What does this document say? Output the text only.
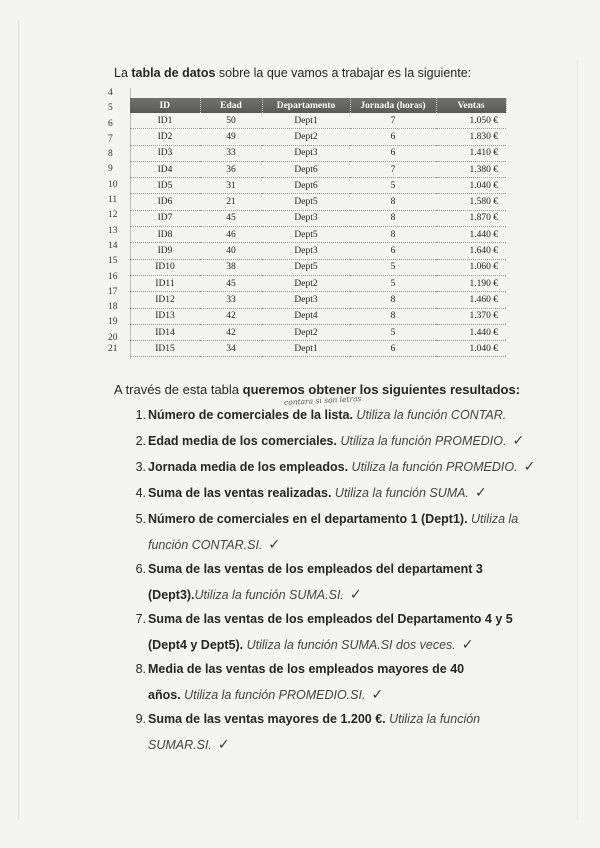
La tabla de datos sobre la que vamos a trabajar es la siguiente:
4
5
6
7
8
9
10
11
12
13
14
15
16
17
18
19
20
ID	Edad	Departamento	Jornada (horas)	Ventas
ID1	50	Dept1	7	1.050 €
ID2	49	Dept2	6	1.830 €
ID3	33	Dept3	6	1.410 €
ID4	36	Dept6	7	1.380 €
ID5	31	Dept6	5	1.040 €
ID6	21	Dept5	8	1.580 €
ID7	45	Dept3	8	1.870 €
ID8	46	Dept5	8	1.440 €
ID9	40	Dept3	6	1.640 €
ID10	38	Dept5	5	1.060 €
ID11	45	Dept2	5	1.190 €
ID12	33	Dept3	8	1.460 €
ID13	42	Dept4	8	1.370 €
ID14	42	Dept2	5	1.440 €
ID15	34	Dept1	6	1.040 €
21
A través de esta tabla queremos obtener los siguientes resultados:
contara si son letras
1. Número de comerciales de la lista. Utiliza la función CONTAR.
2. Edad media de los comerciales. Utiliza la función PROMEDIO. ✓
3. Jornada media de los empleados. Utiliza la función PROMEDIO. ✓
4. Suma de las ventas realizadas. Utiliza la función SUMA. ✓
5. Número de comerciales en el departamento 1 (Dept1). Utiliza la
función CONTAR.SI. ✓
6. Suma de las ventas de los empleados del departament 3
(Dept3).Utiliza la función SUMA.SI. ✓
7. Suma de las ventas de los empleados del Departamento 4 y 5
(Dept4 y Dept5). Utiliza la función SUMA.SI dos veces. ✓
8. Media de las ventas de los empleados mayores de 40
años. Utiliza la función PROMEDIO.SI. ✓
9. Suma de las ventas mayores de 1.200 €. Utiliza la función
SUMAR.SI. ✓
